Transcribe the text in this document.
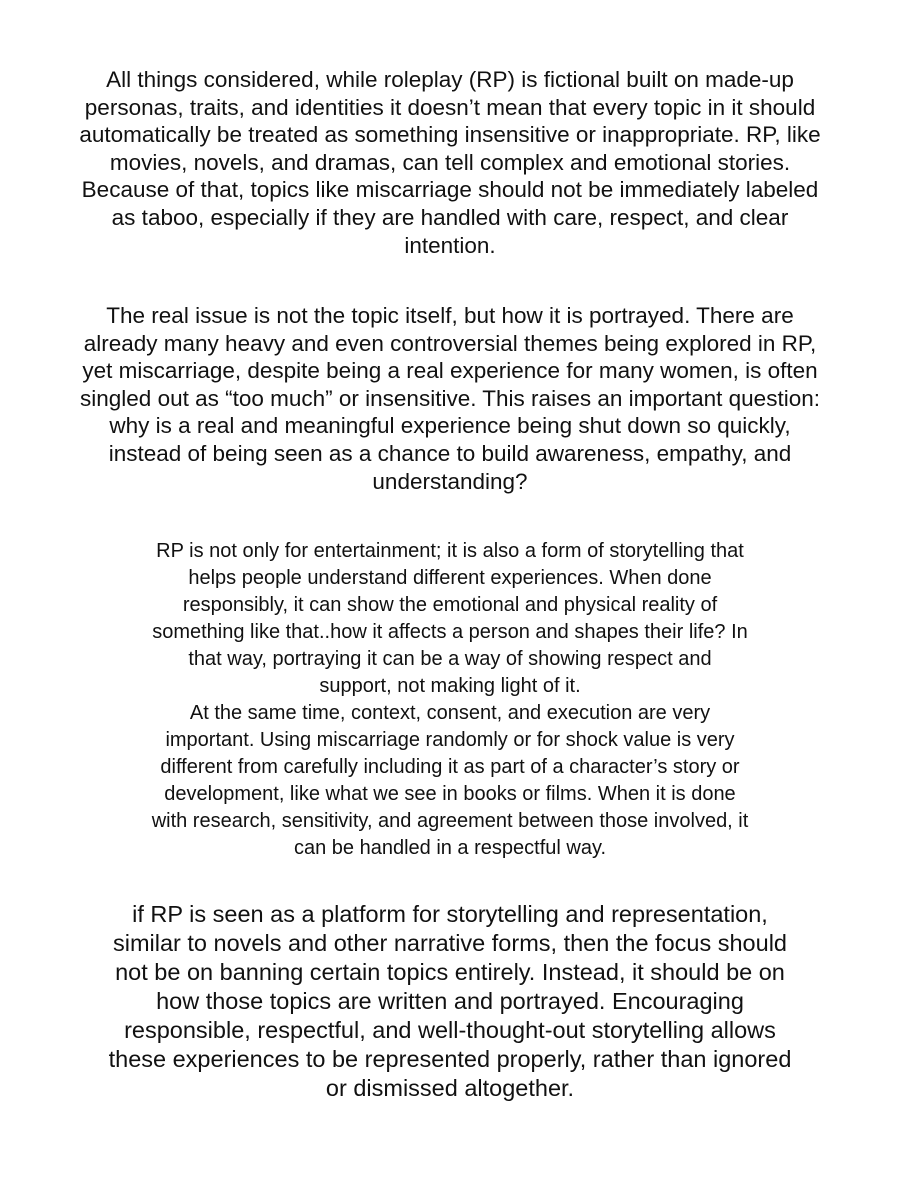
All things considered, while roleplay (RP) is fictional built on made-up
personas, traits, and identities it doesn’t mean that every topic in it should
automatically be treated as something insensitive or inappropriate. RP, like
movies, novels, and dramas, can tell complex and emotional stories.
Because of that, topics like miscarriage should not be immediately labeled
as taboo, especially if they are handled with care, respect, and clear
intention.

The real issue is not the topic itself, but how it is portrayed. There are
already many heavy and even controversial themes being explored in RP,
yet miscarriage, despite being a real experience for many women, is often
singled out as “too much” or insensitive. This raises an important question:
why is a real and meaningful experience being shut down so quickly,
instead of being seen as a chance to build awareness, empathy, and
understanding?

RP is not only for entertainment; it is also a form of storytelling that
helps people understand different experiences. When done
responsibly, it can show the emotional and physical reality of
something like that..how it affects a person and shapes their life? In
that way, portraying it can be a way of showing respect and
support, not making light of it.
At the same time, context, consent, and execution are very
important. Using miscarriage randomly or for shock value is very
different from carefully including it as part of a character’s story or
development, like what we see in books or films. When it is done
with research, sensitivity, and agreement between those involved, it
can be handled in a respectful way.

if RP is seen as a platform for storytelling and representation,
similar to novels and other narrative forms, then the focus should
not be on banning certain topics entirely. Instead, it should be on
how those topics are written and portrayed. Encouraging
responsible, respectful, and well-thought-out storytelling allows
these experiences to be represented properly, rather than ignored
or dismissed altogether.
